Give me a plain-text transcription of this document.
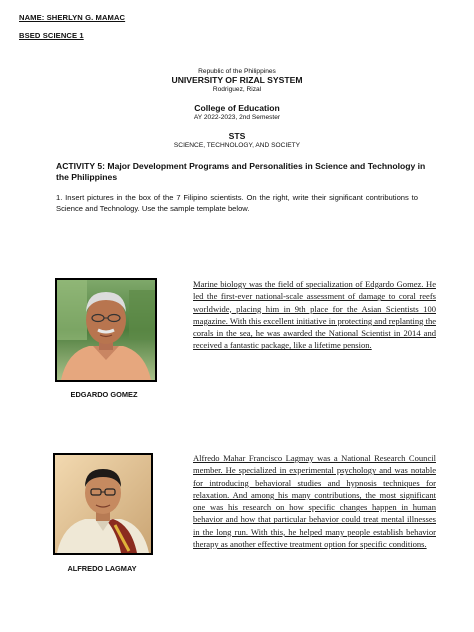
NAME: SHERLYN G. MAMAC
BSED SCIENCE 1
Republic of the Philippines
UNIVERSITY OF RIZAL SYSTEM
Rodriguez, Rizal
College of Education
AY 2022-2023, 2nd Semester
STS
SCIENCE, TECHNOLOGY, AND SOCIETY
ACTIVITY 5: Major Development Programs and Personalities in Science and Technology in the Philippines
1. Insert pictures in the box of the 7 Filipino scientists. On the right, write their significant contributions to Science and Technology. Use the sample template below.
EDGARDO GOMEZ
Marine biology was the field of specialization of Edgardo Gomez. He led the first-ever national-scale assessment of damage to coral reefs worldwide, placing him in 9th place for the Asian Scientists 100 magazine. With this excellent initiative in protecting and replanting the corals in the sea, he was awarded the National Scientist in 2014 and received a fantastic package, like a lifetime pension.
ALFREDO LAGMAY
Alfredo Mahar Francisco Lagmay was a National Research Council member. He specialized in experimental psychology and was notable for introducing behavioral studies and hypnosis techniques for relaxation. And among his many contributions, the most significant one was his research on how specific changes happen in human behavior and how that particular behavior could treat mental illnesses in the long run. With this, he helped many people establish behavior therapy as another effective treatment option for specific conditions.
